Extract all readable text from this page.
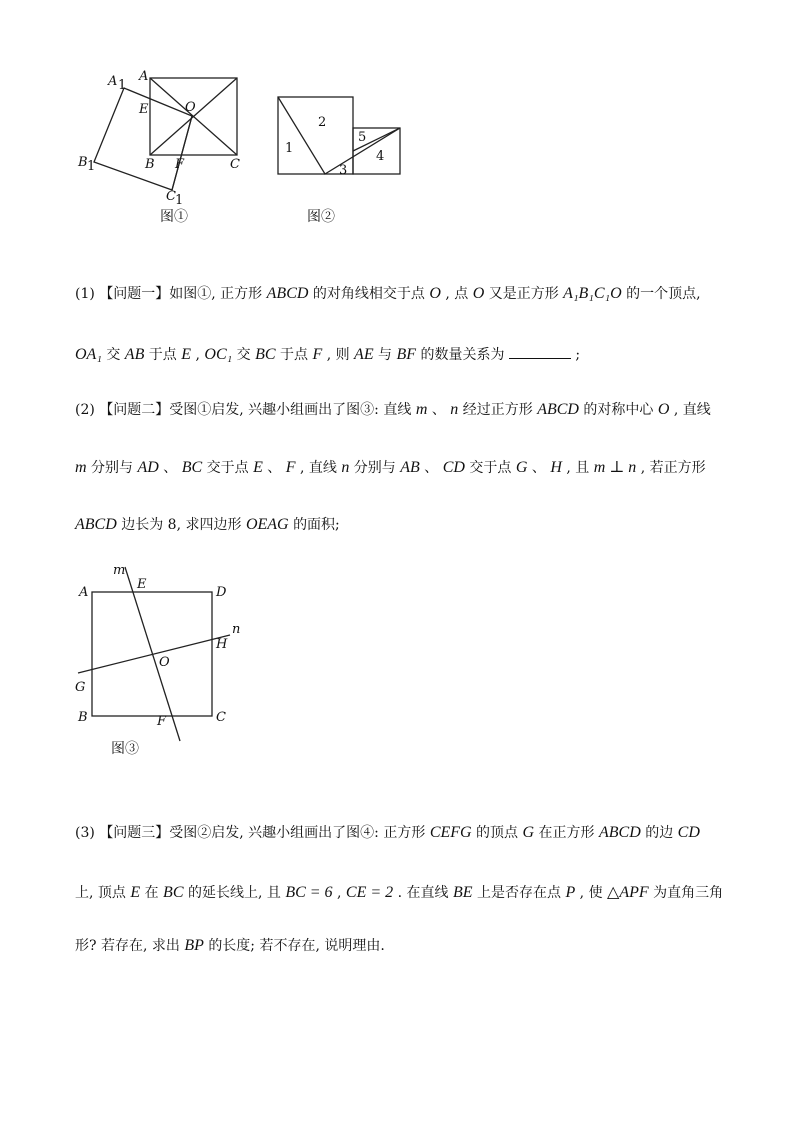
A 1
A
E	O
B 1	B F	C
C 1
图①
1
2
3
4
5
图②
(1) 【问题一】如图①, 正方形 ABCD 的对角线相交于点 O , 点 O 又是正方形 A₁B₁C₁O 的一个顶点,
OA₁ 交 AB 于点 E , OC₁ 交 BC 于点 F , 则 AE 与 BF 的数量关系为	;
(2) 【问题二】受图①启发, 兴趣小组画出了图③: 直线 m 、 n 经过正方形 ABCD 的对称中心 O , 直线
m 分别与 AD 、 BC 交于点 E 、 F , 直线 n 分别与 AB 、 CD 交于点 G 、 H , 且 m ⊥ n , 若正方形
ABCD 边长为 8, 求四边形 OEAG 的面积;
m
E
A	D
n
H
O
G
B	F	C
图③
(3) 【问题三】受图②启发, 兴趣小组画出了图④: 正方形 CEFG 的顶点 G 在正方形 ABCD 的边 CD
上, 顶点 E 在 BC 的延长线上, 且 BC = 6 , CE = 2 . 在直线 BE 上是否存在点 P , 使 △APF 为直角三角
形? 若存在, 求出 BP 的长度; 若不存在, 说明理由.
